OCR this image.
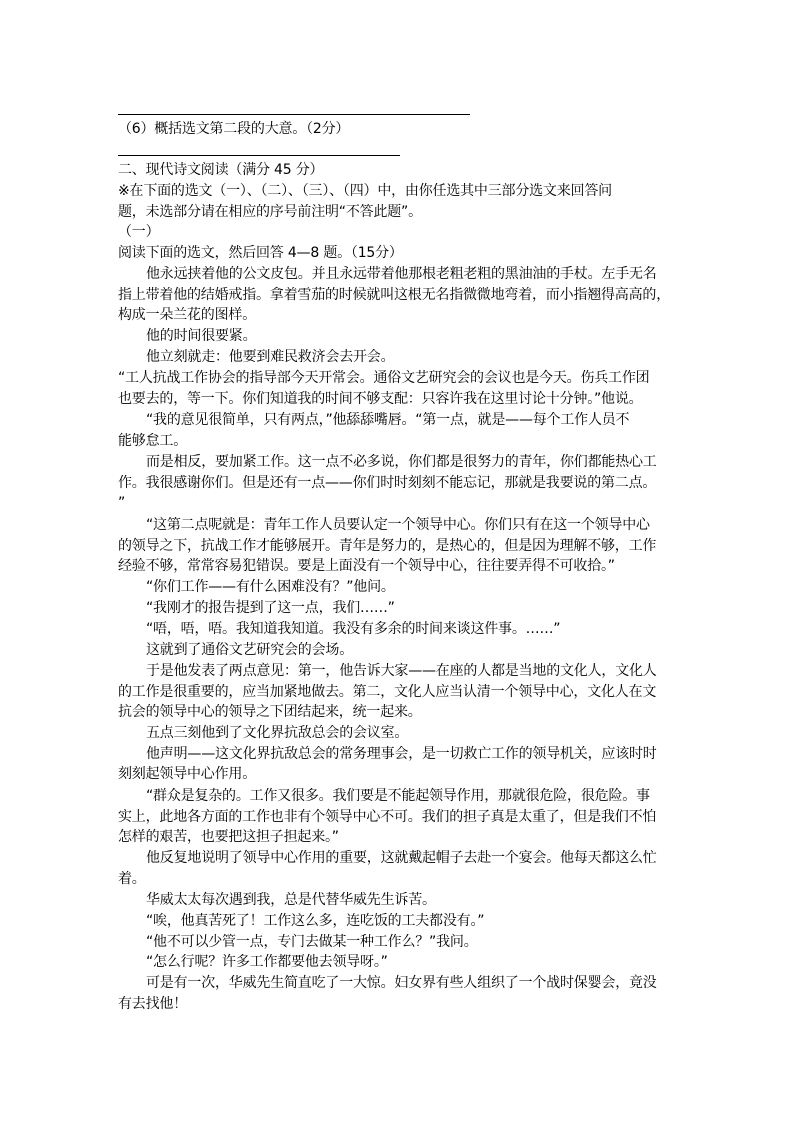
（6）概括选文第二段的大意。（2分）
二、现代诗文阅读（满分 45 分）
※在下面的选文（一）、（二）、（三）、（四）中，由你任选其中三部分选文来回答问
题，未选部分请在相应的序号前注明“不答此题”。
（一）
阅读下面的选文，然后回答 4—8 题。（15分）
他永远挟着他的公文皮包。并且永远带着他那根老粗老粗的黑油油的手杖。左手无名
指上带着他的结婚戒指。拿着雪茄的时候就叫这根无名指微微地弯着，而小指翘得高高的，
构成一朵兰花的图样。
他的时间很要紧。
他立刻就走：他要到难民救济会去开会。
“工人抗战工作协会的指导部今天开常会。通俗文艺研究会的会议也是今天。伤兵工作团
也要去的，等一下。你们知道我的时间不够支配：只容许我在这里讨论十分钟。”他说。
“我的意见很简单，只有两点，”他舔舔嘴唇。“第一点，就是——每个工作人员不
能够怠工。
而是相反，要加紧工作。这一点不必多说，你们都是很努力的青年，你们都能热心工
作。我很感谢你们。但是还有一点——你们时时刻刻不能忘记，那就是我要说的第二点。
”
“这第二点呢就是：青年工作人员要认定一个领导中心。你们只有在这一个领导中心
的领导之下，抗战工作才能够展开。青年是努力的，是热心的，但是因为理解不够，工作
经验不够，常常容易犯错误。要是上面没有一个领导中心，往往要弄得不可收拾。”
“你们工作——有什么困难没有？”他问。
“我刚才的报告提到了这一点，我们……”
“唔，唔，唔。我知道我知道。我没有多余的时间来谈这件事。……”
这就到了通俗文艺研究会的会场。
于是他发表了两点意见：第一，他告诉大家——在座的人都是当地的文化人，文化人
的工作是很重要的，应当加紧地做去。第二，文化人应当认清一个领导中心，文化人在文
抗会的领导中心的领导之下团结起来，统一起来。
五点三刻他到了文化界抗敌总会的会议室。
他声明——这文化界抗敌总会的常务理事会，是一切救亡工作的领导机关，应该时时
刻刻起领导中心作用。
“群众是复杂的。工作又很多。我们要是不能起领导作用，那就很危险，很危险。事
实上，此地各方面的工作也非有个领导中心不可。我们的担子真是太重了，但是我们不怕
怎样的艰苦，也要把这担子担起来。”
他反复地说明了领导中心作用的重要，这就戴起帽子去赴一个宴会。他每天都这么忙
着。
华威太太每次遇到我，总是代替华威先生诉苦。
“唉，他真苦死了！工作这么多，连吃饭的工夫都没有。”
“他不可以少管一点，专门去做某一种工作么？”我问。
“怎么行呢？许多工作都要他去领导呀。”
可是有一次，华威先生简直吃了一大惊。妇女界有些人组织了一个战时保婴会，竟没
有去找他！
